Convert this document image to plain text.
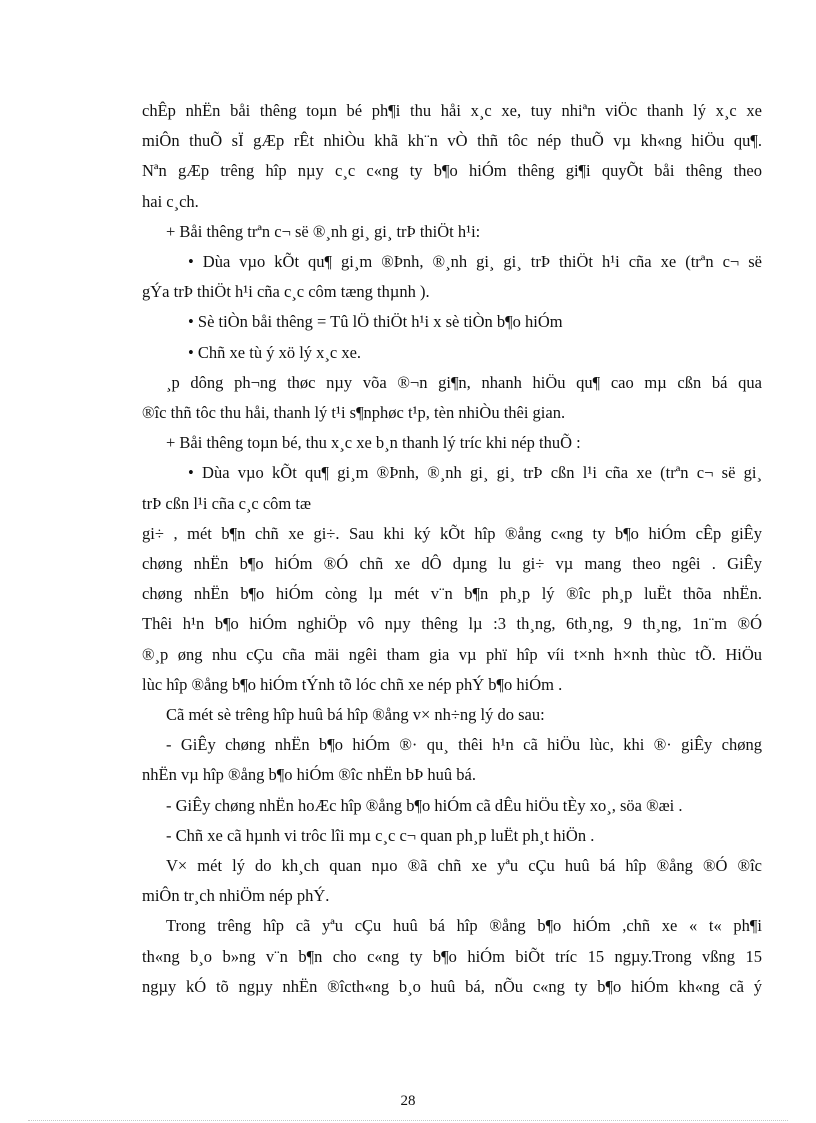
chÊp nhËn båi thêng toµn bé ph¶i thu håi x¸c xe, tuy nhiªn viÖc thanh lý x¸c xe
miÔn thuÕ sÏ gÆp rÊt nhiÒu khã kh¨n vÒ thñ tôc nép thuÕ vµ kh«ng hiÖu qu¶.
Nªn gÆp trêng hîp nµy c¸c c«ng ty b¶o hiÓm thêng gi¶i quyÕt båi thêng theo
hai c¸ch.
+ Båi thêng trªn c¬ së ®¸nh gi¸ gi¸ trÞ thiÖt h¹i:
• Dùa vµo kÕt qu¶ gi¸m ®Þnh, ®¸nh gi¸ gi¸ trÞ thiÖt h¹i cña xe (trªn c¬ së
gÝa trÞ thiÖt h¹i cña c¸c côm tæng thµnh ).
• Sè tiÒn båi thêng = Tû lÖ thiÖt h¹i x sè tiÒn b¶o hiÓm
• Chñ xe tù ý xö lý x¸c xe.
¸p dông ph¬ng thøc nµy võa ®¬n gi¶n, nhanh hiÖu qu¶ cao mµ cßn bá qua
®îc thñ tôc thu håi, thanh lý t¹i s¶nphøc t¹p, tèn nhiÒu thêi gian.
+ Båi thêng toµn bé, thu x¸c xe b¸n thanh lý tríc khi nép thuÕ :
• Dùa vµo kÕt qu¶ gi¸m ®Þnh, ®¸nh gi¸ gi¸ trÞ cßn l¹i cña xe (trªn c¬ së gi¸
trÞ cßn l¹i cña c¸c côm tæ
gi÷ , mét b¶n chñ xe gi÷. Sau khi ký kÕt hîp ®ång c«ng ty b¶o hiÓm cÊp giÊy
chøng nhËn b¶o hiÓm ®Ó chñ xe dÔ dµng lu gi÷ vµ mang theo ngêi . GiÊy
chøng nhËn b¶o hiÓm còng lµ mét v¨n b¶n ph¸p lý ®îc ph¸p luËt thõa nhËn.
Thêi h¹n b¶o hiÓm nghiÖp vô nµy thêng lµ :3 th¸ng, 6th¸ng, 9 th¸ng, 1n¨m ®Ó
®¸p øng nhu cÇu cña mäi ngêi tham gia vµ phï hîp víi t×nh h×nh thùc tÕ. HiÖu
lùc hîp ®ång b¶o hiÓm tÝnh tõ lóc chñ xe nép phÝ b¶o hiÓm .
Cã mét sè trêng hîp huû bá hîp ®ång v× nh÷ng lý do sau:
- GiÊy chøng nhËn b¶o hiÓm ®· qu¸ thêi h¹n cã hiÖu lùc, khi ®· giÊy chøng
nhËn vµ hîp ®ång b¶o hiÓm ®îc nhËn bÞ huû bá.
- GiÊy chøng nhËn hoÆc hîp ®ång b¶o hiÓm cã dÊu hiÖu tÈy xo¸, söa ®æi .
- Chñ xe cã hµnh vi trôc lîi mµ c¸c c¬ quan ph¸p luËt ph¸t hiÖn .
V× mét lý do kh¸ch quan nµo ®ã chñ xe yªu cÇu huû bá hîp ®ång ®Ó ®îc
miÔn tr¸ch nhiÖm nép phÝ.
Trong trêng hîp cã yªu cÇu huû bá hîp ®ång b¶o hiÓm ,chñ xe « t« ph¶i
th«ng b¸o b»ng v¨n b¶n cho c«ng ty b¶o hiÓm biÕt tríc 15 ngµy.Trong vßng 15
ngµy kÓ tõ ngµy nhËn ®îcth«ng b¸o huû bá, nÕu c«ng ty b¶o hiÓm kh«ng cã ý
28
